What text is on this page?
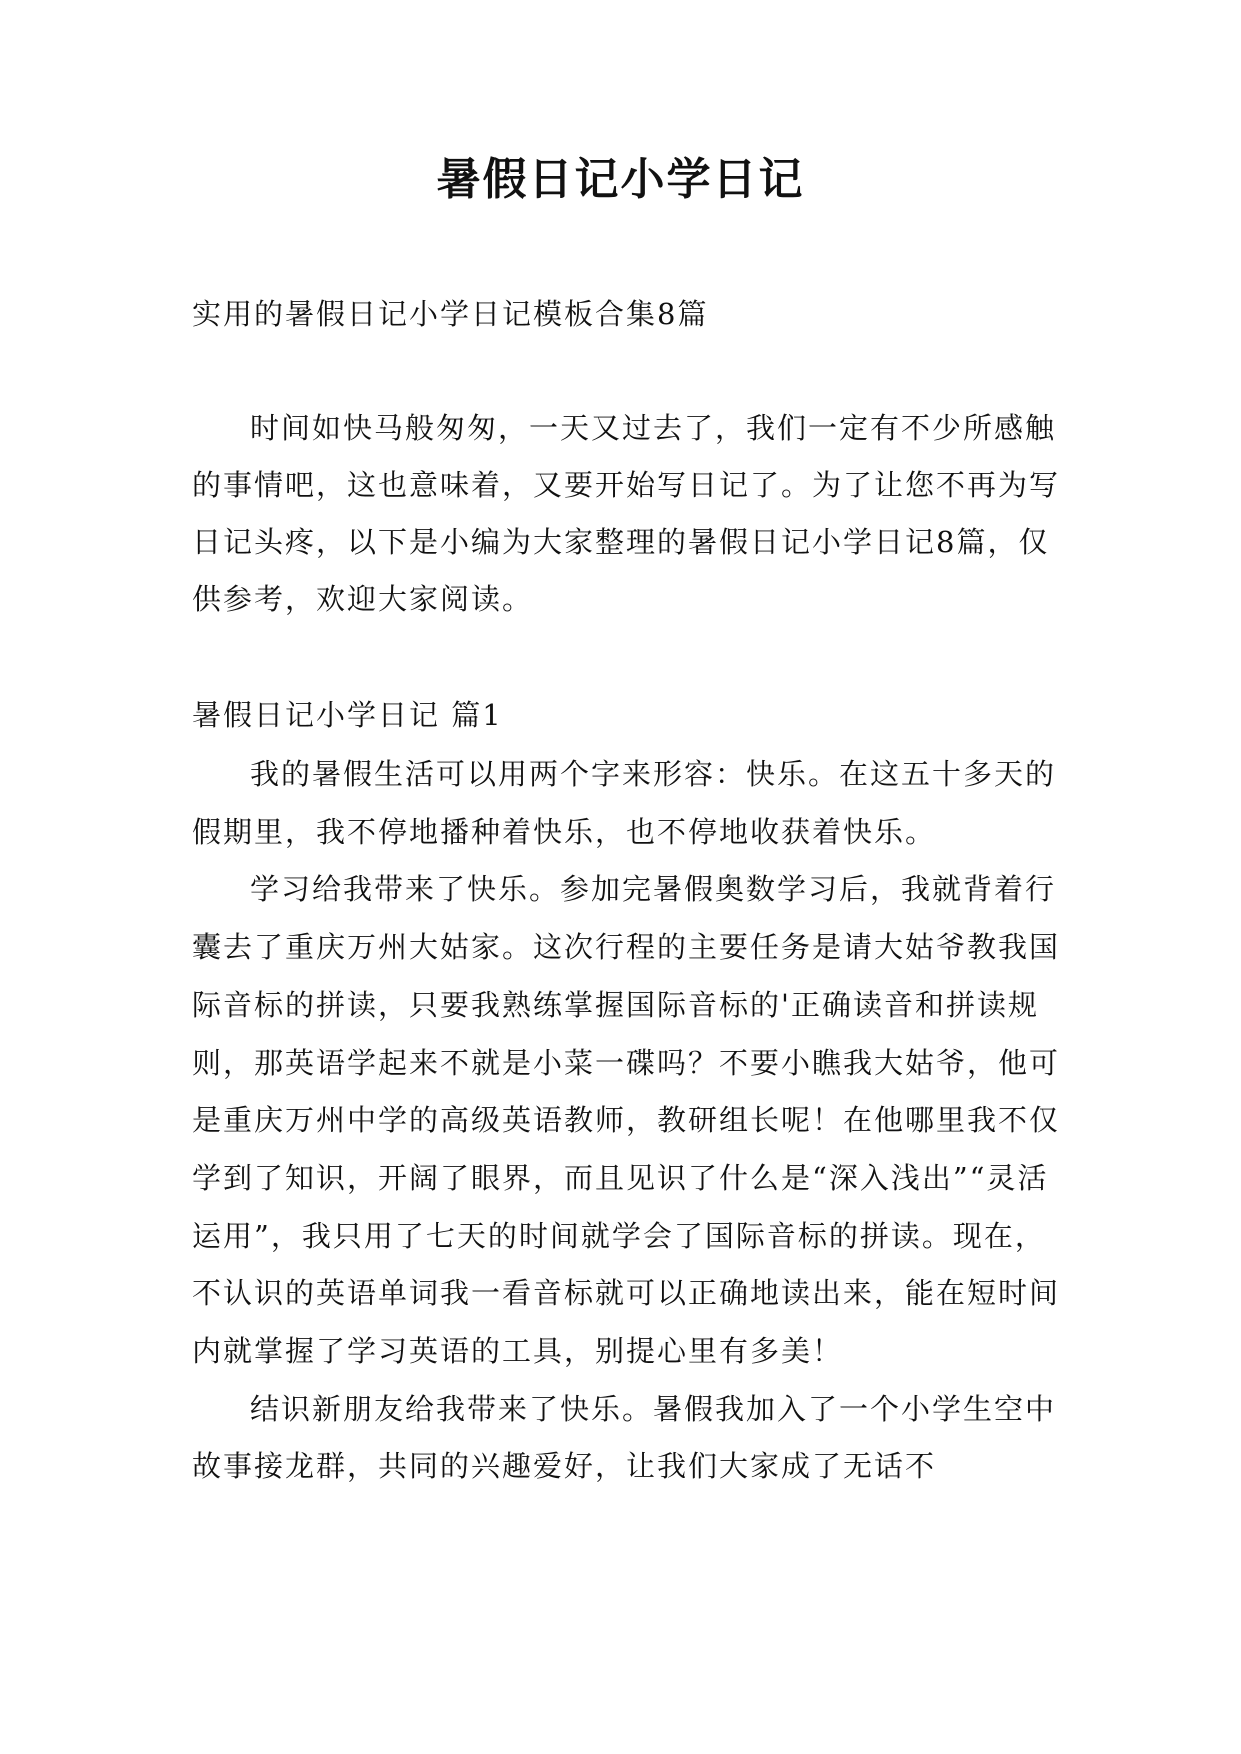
暑假日记小学日记

实用的暑假日记小学日记模板合集8篇

时间如快马般匆匆，一天又过去了，我们一定有不少所感触的事情吧，这也意味着，又要开始写日记了。为了让您不再为写日记头疼，以下是小编为大家整理的暑假日记小学日记8篇，仅供参考，欢迎大家阅读。

暑假日记小学日记 篇1

我的暑假生活可以用两个字来形容：快乐。在这五十多天的假期里，我不停地播种着快乐，也不停地收获着快乐。

学习给我带来了快乐。参加完暑假奥数学习后，我就背着行囊去了重庆万州大姑家。这次行程的主要任务是请大姑爷教我国际音标的拼读，只要我熟练掌握国际音标的'正确读音和拼读规则，那英语学起来不就是小菜一碟吗？不要小瞧我大姑爷，他可是重庆万州中学的高级英语教师，教研组长呢！在他哪里我不仅学到了知识，开阔了眼界，而且见识了什么是“深入浅出”“灵活运用”，我只用了七天的时间就学会了国际音标的拼读。现在，不认识的英语单词我一看音标就可以正确地读出来，能在短时间内就掌握了学习英语的工具，别提心里有多美！

结识新朋友给我带来了快乐。暑假我加入了一个小学生空中故事接龙群，共同的兴趣爱好，让我们大家成了无话不
